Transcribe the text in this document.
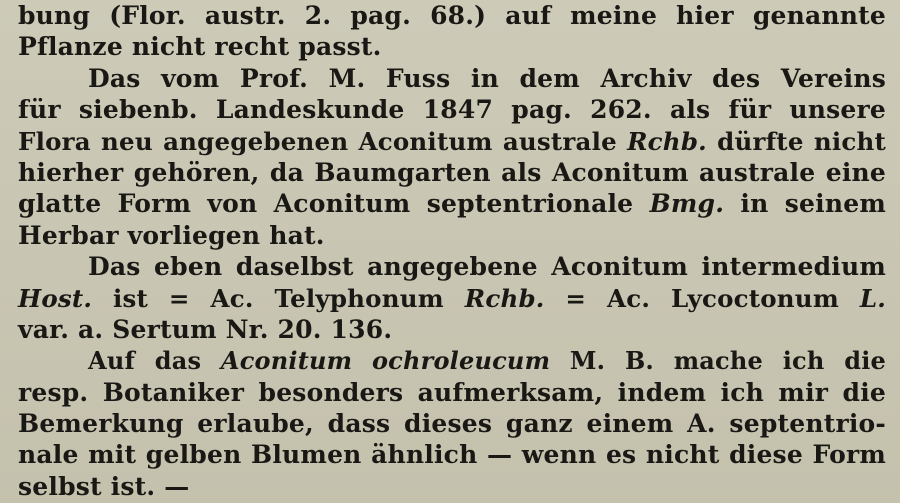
bung (Flor. austr. 2. pag. 68.) auf meine hier genannte
Pflanze nicht recht passt.
Das vom Prof. M. Fuss in dem Archiv des Vereins
für siebenb. Landeskunde 1847 pag. 262. als für unsere
Flora neu angegebenen Aconitum australe Rchb. dürfte nicht
hierher gehören, da Baumgarten als Aconitum australe eine
glatte Form von Aconitum septentrionale Bmg. in seinem
Herbar vorliegen hat.
Das eben daselbst angegebene Aconitum intermedium
Host. ist = Ac. Telyphonum Rchb. = Ac. Lycoctonum L.
var. a. Sertum Nr. 20. 136.
Auf das Aconitum ochroleucum M. B. mache ich die
resp. Botaniker besonders aufmerksam, indem ich mir die
Bemerkung erlaube, dass dieses ganz einem A. septentrio-
nale mit gelben Blumen ähnlich — wenn es nicht diese Form
selbst ist. —
